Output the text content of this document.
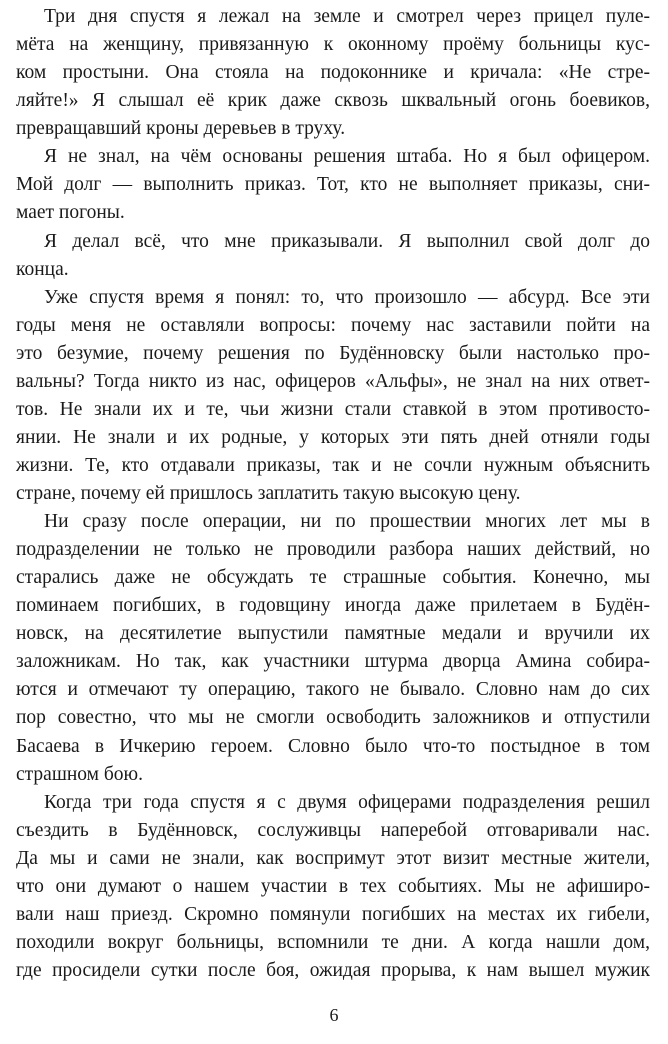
Три дня спустя я лежал на земле и смотрел через прицел пуле-
мёта на женщину, привязанную к оконному проёму больницы кус-
ком простыни. Она стояла на подоконнике и кричала: «Не стре-
ляйте!» Я слышал её крик даже сквозь шквальный огонь боевиков,
превращавший кроны деревьев в труху.
Я не знал, на чём основаны решения штаба. Но я был офицером.
Мой долг — выполнить приказ. Тот, кто не выполняет приказы, сни-
мает погоны.
Я делал всё, что мне приказывали. Я выполнил свой долг до
конца.
Уже спустя время я понял: то, что произошло — абсурд. Все эти
годы меня не оставляли вопросы: почему нас заставили пойти на
это безумие, почему решения по Будённовску были настолько про-
вальны? Тогда никто из нас, офицеров «Альфы», не знал на них ответ-
тов. Не знали их и те, чьи жизни стали ставкой в этом противосто-
янии. Не знали и их родные, у которых эти пять дней отняли годы
жизни. Те, кто отдавали приказы, так и не сочли нужным объяснить
стране, почему ей пришлось заплатить такую высокую цену.
Ни сразу после операции, ни по прошествии многих лет мы в
подразделении не только не проводили разбора наших действий, но
старались даже не обсуждать те страшные события. Конечно, мы
поминаем погибших, в годовщину иногда даже прилетаем в Будён-
новск, на десятилетие выпустили памятные медали и вручили их
заложникам. Но так, как участники штурма дворца Амина собира-
ются и отмечают ту операцию, такого не бывало. Словно нам до сих
пор совестно, что мы не смогли освободить заложников и отпустили
Басаева в Ичкерию героем. Словно было что-то постыдное в том
страшном бою.
Когда три года спустя я с двумя офицерами подразделения решил
съездить в Будённовск, сослуживцы наперебой отговаривали нас.
Да мы и сами не знали, как воспримут этот визит местные жители,
что они думают о нашем участии в тех событиях. Мы не афиширо-
вали наш приезд. Скромно помянули погибших на местах их гибели,
походили вокруг больницы, вспомнили те дни. А когда нашли дом,
где просидели сутки после боя, ожидая прорыва, к нам вышел мужик
6
